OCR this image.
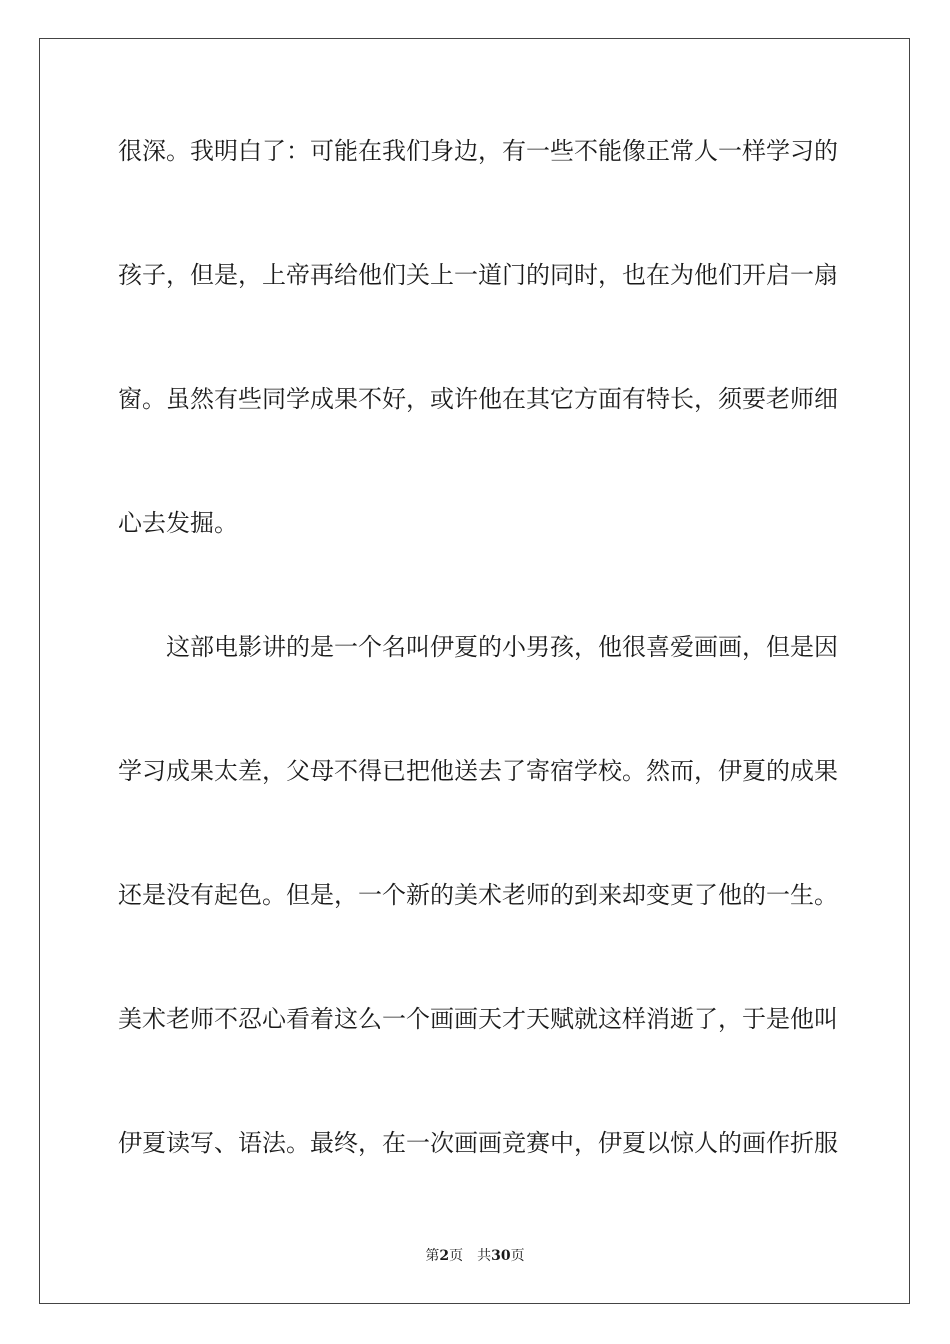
很深。我明白了：可能在我们身边，有一些不能像正常人一样学习的
孩子，但是，上帝再给他们关上一道门的同时，也在为他们开启一扇
窗。虽然有些同学成果不好，或许他在其它方面有特长，须要老师细
心去发掘。
这部电影讲的是一个名叫伊夏的小男孩，他很喜爱画画，但是因
学习成果太差，父母不得已把他送去了寄宿学校。然而，伊夏的成果
还是没有起色。但是，一个新的美术老师的到来却变更了他的一生。
美术老师不忍心看着这么一个画画天才天赋就这样消逝了，于是他叫
伊夏读写、语法。最终，在一次画画竞赛中，伊夏以惊人的画作折服
第2页 共30页
